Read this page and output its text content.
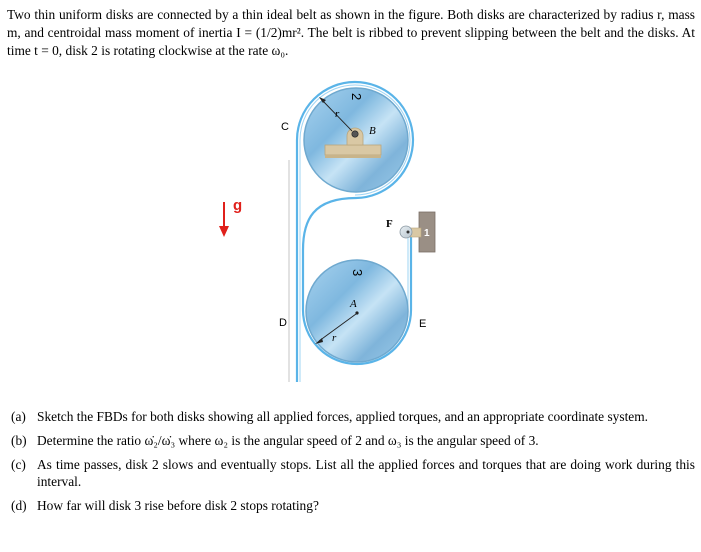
Two thin uniform disks are connected by a thin ideal belt as shown in the figure. Both disks are characterized by radius r, mass m, and centroidal mass moment of inertia I = (1/2)mr². The belt is ribbed to prevent slipping between the belt and the disks. At time t = 0, disk 2 is rotating clockwise at the rate ω₀.

g
r
2
B
r
3
A
1
C
D	E
F
(a) Sketch the FBDs for both disks showing all applied forces, applied torques, and an appropriate coordinate system.
(b) Determine the ratio ω̇₂/ω̇₃ where ω₂ is the angular speed of 2 and ω₃ is the angular speed of 3.
(c) As time passes, disk 2 slows and eventually stops. List all the applied forces and torques that are doing work during this interval.
(d) How far will disk 3 rise before disk 2 stops rotating?
